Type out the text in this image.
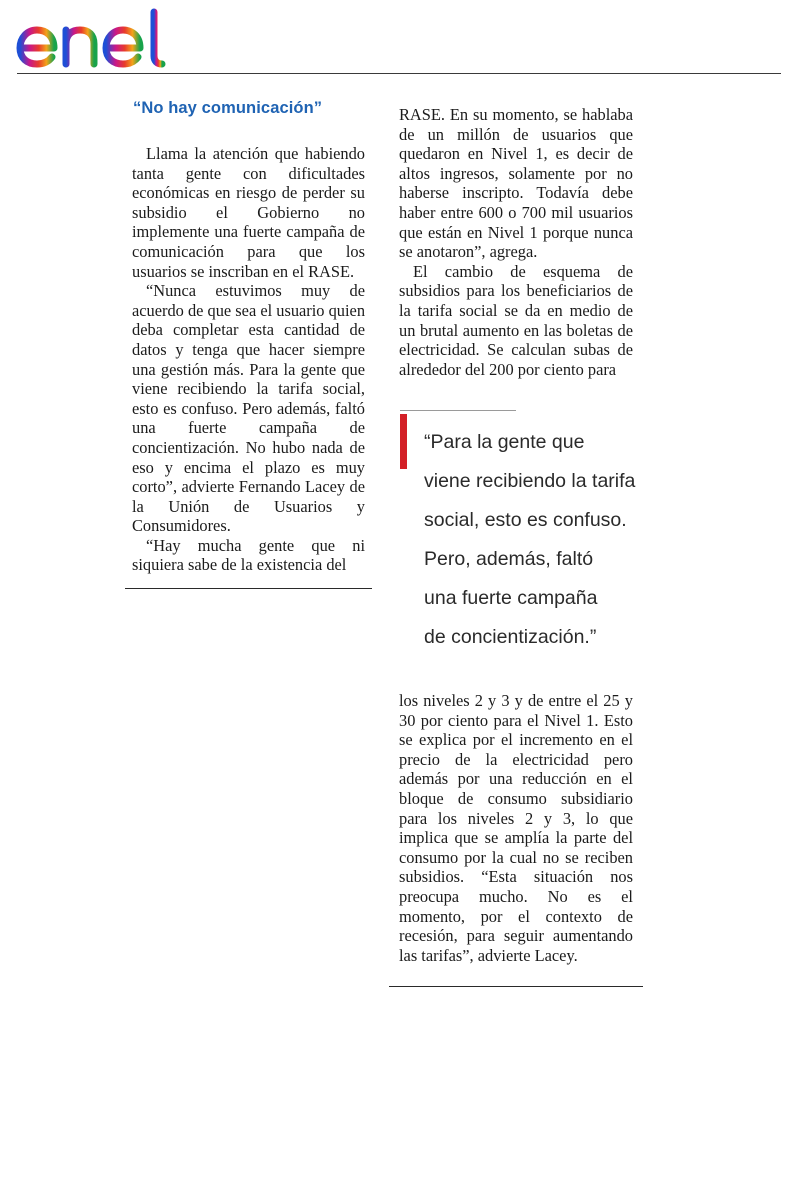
“No hay comunicación”

Llama la atención que habiendo tanta gente con dificultades económicas en riesgo de perder su subsidio el Gobierno no implemente una fuerte campaña de comunicación para que los usuarios se inscriban en el RASE.

“Nunca estuvimos muy de acuerdo de que sea el usuario quien deba completar esta cantidad de datos y tenga que hacer siempre una gestión más. Para la gente que viene recibiendo la tarifa social, esto es confuso. Pero además, faltó una fuerte campaña de concientización. No hubo nada de eso y encima el plazo es muy corto”, advierte Fernando Lacey de la Unión de Usuarios y Consumidores.

“Hay mucha gente que ni siquiera sabe de la existencia del

RASE. En su momento, se hablaba de un millón de usuarios que quedaron en Nivel 1, es decir de altos ingresos, solamente por no haberse inscripto. Todavía debe haber entre 600 o 700 mil usuarios que están en Nivel 1 porque nunca se anotaron”, agrega.

El cambio de esquema de subsidios para los beneficiarios de la tarifa social se da en medio de un brutal aumento en las boletas de electricidad. Se calculan subas de alrededor del 200 por ciento para

“Para la gente que
viene recibiendo la tarifa
social, esto es confuso.
Pero, además, faltó
una fuerte campaña
de concientización.”

los niveles 2 y 3 y de entre el 25 y 30 por ciento para el Nivel 1. Esto se explica por el incremento en el precio de la electricidad pero además por una reducción en el bloque de consumo subsidiario para los niveles 2 y 3, lo que implica que se amplía la parte del consumo por la cual no se reciben subsidios. “Esta situación nos preocupa mucho. No es el momento, por el contexto de recesión, para seguir aumentando las tarifas”, advierte Lacey.
